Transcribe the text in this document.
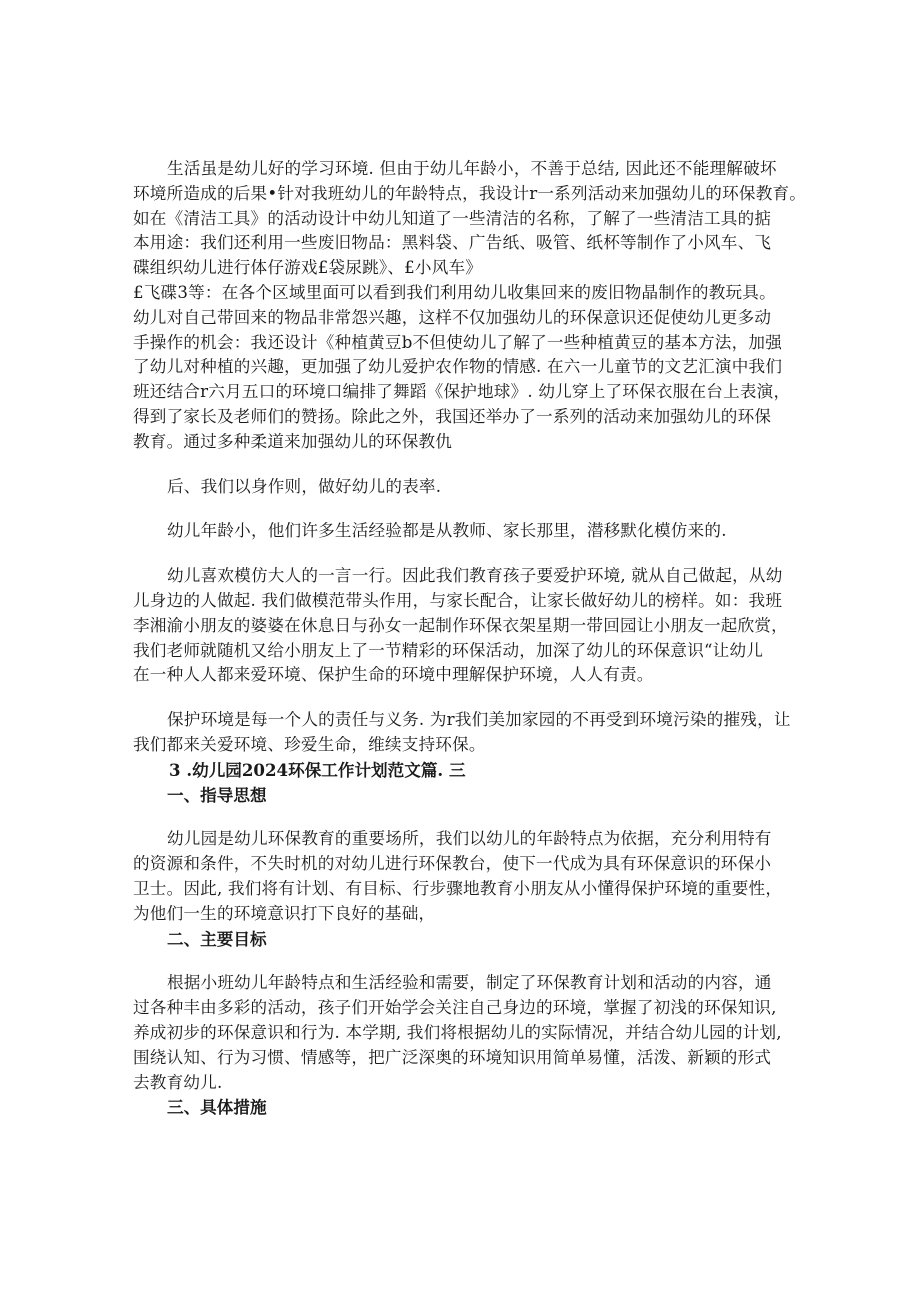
生活虽是幼儿好的学习环境. 但由于幼儿年龄小，不善于总结, 因此还不能理解破坏
环境所造成的后果•针对我班幼儿的年龄特点，我设计r一系列活动来加强幼儿的环保教育。
如在《清洁工具》的活动设计中幼儿知道了一些清洁的名称，了解了一些清洁工具的掂
本用途：我们还利用一些废旧物品：黑料袋、广告纸、吸管、纸杯等制作了小风车、飞
碟组织幼儿进行体仔游戏£袋尿跳》、£小风车》
£飞碟3等：在各个区域里面可以看到我们利用幼儿收集回来的废旧物晶制作的教玩具。
幼儿对自己带回来的物品非常怨兴趣，这样不仅加强幼儿的环保意识还促使幼儿更多动
手操作的机会：我还设计《种植黄豆b不但使幼儿了解了一些种植黄豆的基本方法，加强
了幼儿对种植的兴趣，更加强了幼儿爱护农作物的情感. 在六一儿童节的文艺汇演中我们
班还结合r六月五口的环境口编排了舞蹈《保护地球》. 幼儿穿上了环保衣服在台上表演，
得到了家长及老师们的赞扬。除此之外，我国还举办了一系列的活动来加强幼儿的环保
教育。通过多种柔道来加强幼儿的环保教仇

后、我们以身作则，做好幼儿的表率.

幼儿年龄小，他们许多生活经验都是从教师、家长那里，潜移默化模仿来的.

幼儿喜欢模仿大人的一言一行。因此我们教育孩子要爱护环境, 就从自己做起，从幼
儿身边的人做起. 我们做模范带头作用，与家长配合，让家长做好幼儿的榜样。如：我班
李湘渝小朋友的婆婆在休息日与孙女一起制作环保衣架星期一带回园让小朋友一起欣赏，
我们老师就随机又给小朋友上了一节精彩的环保活动，加深了幼儿的环保意识“让幼儿
在一种人人都来爱环境、保护生命的环境中理解保护环境，人人有责。

保护环境是每一个人的责任与义务. 为r我们美加家园的不再受到环境污染的摧残，让
我们都来关爱环境、珍爱生命，维续支持环保。

3 .幼儿园2024环保工作计划范文篇. 三
一、指导思想

幼儿园是幼儿环保教育的重要场所，我们以幼儿的年龄特点为依据，充分利用特有
的资源和条件，不失时机的对幼儿进行环保教台，使下一代成为具有环保意识的环保小
卫士。因此, 我们将有计划、有目标、行步骤地教育小朋友从小懂得保护环境的重要性，
为他们一生的环境意识打下良好的基础，

二、主要目标

根据小班幼儿年龄特点和生活经验和需要，制定了环保教育计划和活动的内容，通
过各种丰由多彩的活动，孩子们开始学会关注自己身边的环境，掌握了初浅的环保知识,
养成初步的环保意识和行为. 本学期, 我们将根据幼儿的实际情况，并结合幼儿园的计划,
围绕认知、行为习惯、情感等，把广泛深奥的环境知识用简单易懂，活泼、新颖的形式
去教育幼儿.

三、具体措施
